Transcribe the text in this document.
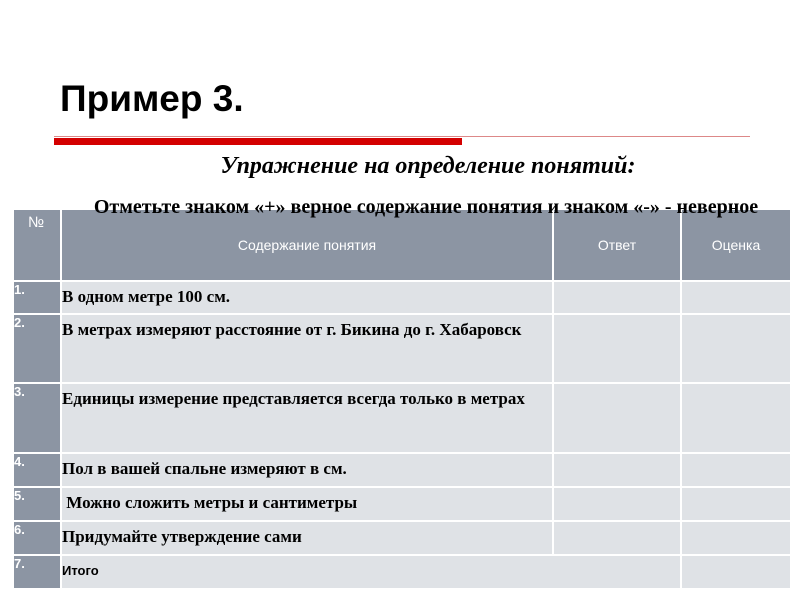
Пример 3.
Упражнение на определение понятий:
№	Содержание понятия	Ответ	Оценка
1.	В одном метре 100 см.		
2.	В метрах измеряют расстояние от г. Бикина до г. Хабаровск		
3.	Единицы измерение представляется всегда только в метрах		
4.	Пол в вашей спальне измеряют в см.		
5.	Можно сложить метры и сантиметры		
6.	Придумайте утверждение сами		
7.	Итого		
Отметьте знаком «+» верное содержание понятия и знаком «-» - неверное
